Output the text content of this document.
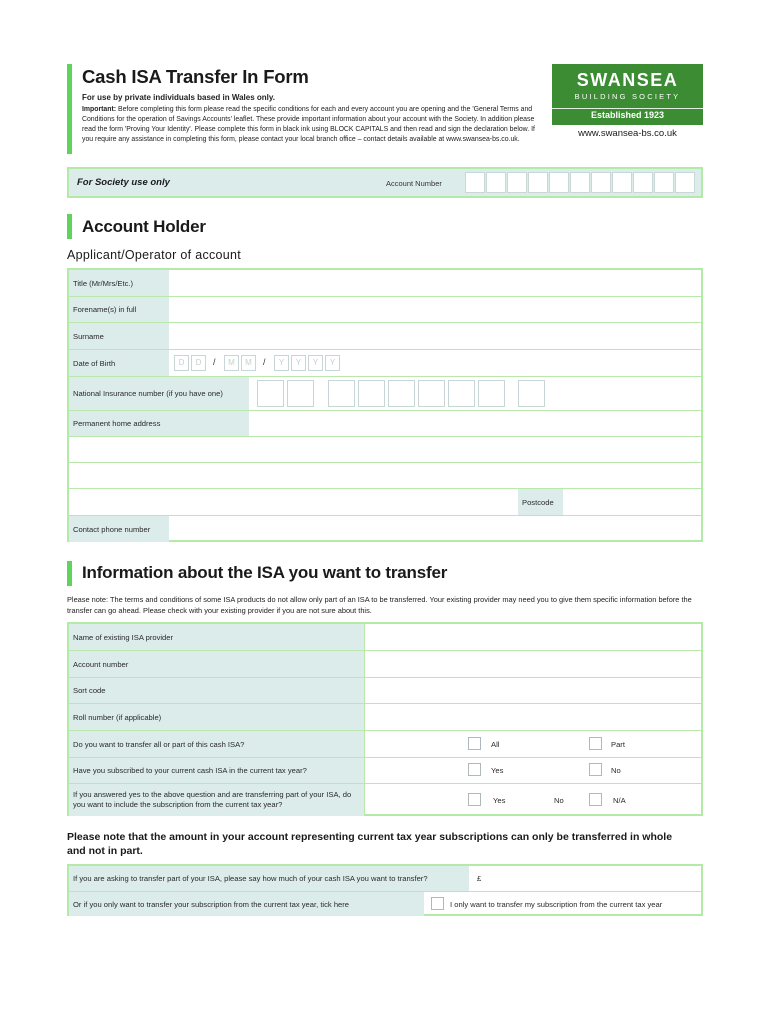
Cash ISA Transfer In Form
For use by private individuals based in Wales only.
Important: Before completing this form please read the specific conditions for each and every account you are opening and the 'General Terms and Conditions for the operation of Savings Accounts' leaflet. These provide important information about your account with the Society. In addition please read the form 'Proving Your Identity'. Please complete this form in black ink using BLOCK CAPITALS and then read and sign the declaration below. If you require any assistance in completing this form, please contact your local branch office – contact details available at www.swansea-bs.co.uk.
SWANSEA
BUILDING SOCIETY
Established 1923
www.swansea-bs.co.uk
For Society use only	Account Number
Account Holder
Applicant/Operator of account
Title (Mr/Mrs/Etc.)
Forename(s) in full
Surname
Date of Birth	D	D	/	M	M	/	Y	Y	Y	Y
National Insurance number (if you have one)
Permanent home address
Postcode
Contact phone number
Information about the ISA you want to transfer
Please note: The terms and conditions of some ISA products do not allow only part of an ISA to be transferred. Your existing provider may need you to give them specific information before the transfer can go ahead. Please check with your existing provider if you are not sure about this.
Name of existing ISA provider
Account number
Sort code
Roll number (if applicable)
Do you want to transfer all or part of this cash ISA?	All	Part
Have you subscribed to your current cash ISA in the current tax year?	Yes	No
If you answered yes to the above question and are transferring part of your ISA, do you want to include the subscription from the current tax year?	Yes	No	N/A
Please note that the amount in your account representing current tax year subscriptions can only be transferred in whole and not in part.
If you are asking to transfer part of your ISA, please say how much of your cash ISA you want to transfer?	£
Or if you only want to transfer your subscription from the current tax year, tick here	I only want to transfer my subscription from the current tax year
